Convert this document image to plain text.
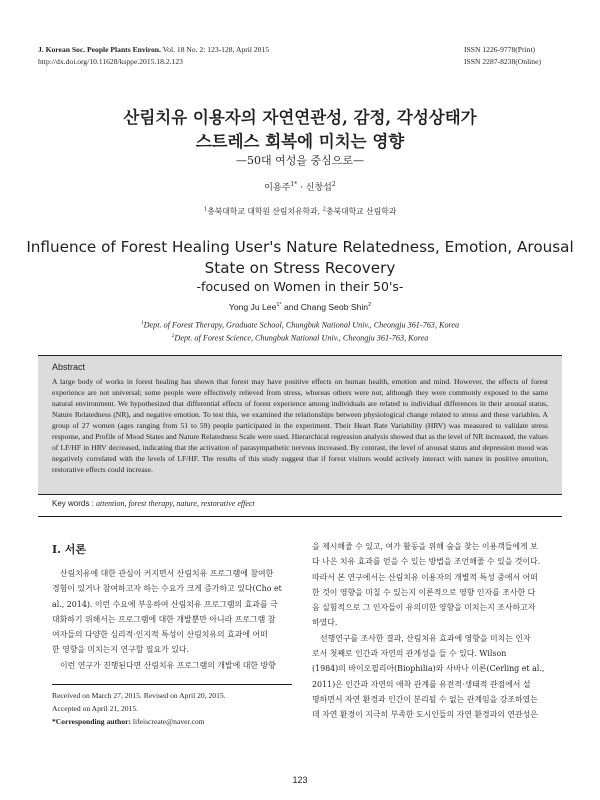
J. Korean Soc. People Plants Environ. Vol. 18 No. 2: 123-128, April 2015
http://dx.doi.org/10.11628/ksppe.2015.18.2.123
ISSN 1226-9778(Print)
ISSN 2287-8238(Online)
산림치유 이용자의 자연연관성, 감정, 각성상태가
스트레스 회복에 미치는 영향
—50대 여성을 중심으로—
이용주$^{1*}$ · 신창섭$^2$
$^1$충북대학교 대학원 산림치유학과, $^2$충북대학교 산림학과
Influence of Forest Healing User's Nature Relatedness, Emotion, Arousal
State on Stress Recovery
-focused on Women in their 50's-
Yong Ju Lee$^{1*}$ and Chang Seob Shin$^2$
$^1$Dept. of Forest Therapy, Graduate School, Chungbuk National Univ., Cheongju 361-763, Korea
$^2$Dept. of Forest Science, Chungbuk National Univ., Cheongju 361-763, Korea
Abstract
A large body of works in forest healing has shown that forest may have positive effects on human health, emotion and mind. However, the effects of forest experience are not universal; some people were effectively relieved from stress, whereas others were not, although they were commonly exposed to the same natural environment. We hypothesized that differential effects of forest experience among individuals are related to individual differences in their arousal status, Nature Relatedness (NR), and negative emotion. To test this, we examined the relationships between physiological change related to stress and these variables. A group of 27 women (ages ranging from 51 to 59) people participated in the experiment. Their Heart Rate Variability (HRV) was measured to validate stress response, and Profile of Mood States and Nature Relatedness Scale were used. Hierarchical regression analysis showed that as the level of NR increased, the values of LF/HF in HRV decreased, indicating that the activation of parasympathetic nervous increased. By contrast, the level of arousal status and depression mood was negatively correlated with the levels of LF/HF. The results of this study suggest that if forest visitors would actively interact with nature in positive emotion, restorative effects could increase.
Key words : attention, forest therapy, nature, restorative effect
Ⅰ. 서론
산림치유에 대한 관심이 커지면서 산림치유 프로그램에 참여한
경험이 있거나 참여하고자 하는 수요가 크게 증가하고 있다(Cho et
al., 2014). 이런 수요에 부응하여 산림치유 프로그램의 효과를 극
대화하기 위해서는 프로그램에 대한 개발뿐만 아니라 프로그램 참
여자들의 다양한 심리적·인지적 특성이 산림치유의 효과에 어떠
한 영향을 미치는지 연구할 필요가 있다.
이런 연구가 진행된다면 산림치유 프로그램의 개발에 대한 방향
을 제시해줄 수 있고, 여가 활동을 위해 숲을 찾는 이용객들에게 보
다 나은 치유 효과를 얻을 수 있는 방법을 조언해줄 수 있을 것이다.
따라서 본 연구에서는 산림치유 이용자의 개별적 특성 중에서 어떠
한 것이 영향을 미칠 수 있는지 이론적으로 영향 인자를 조사한 다
음 실험적으로 그 인자들이 유의미한 영향을 미치는지 조사하고자
하였다.
선행연구를 조사한 결과, 산림치유 효과에 영향을 미치는 인자
로서 첫째로 인간과 자연의 관계성을 들 수 있다. Wilson
(1984)의 바이오필리아(Biophilia)와 사바나 이론(Cerling et al.,
2011)은 인간과 자연의 애착 관계를 유전적·생태적 관점에서 설
명하면서 자연 환경과 인간이 분리될 수 없는 관계임을 강조하였는
데 자연 환경이 지극히 부족한 도시인들의 자연 환경과의 연관성은
Received on March 27, 2015. Revised on April 20, 2015.
Accepted on April 21, 2015.
*Corresponding author: lifeiscreate@naver.com
123
